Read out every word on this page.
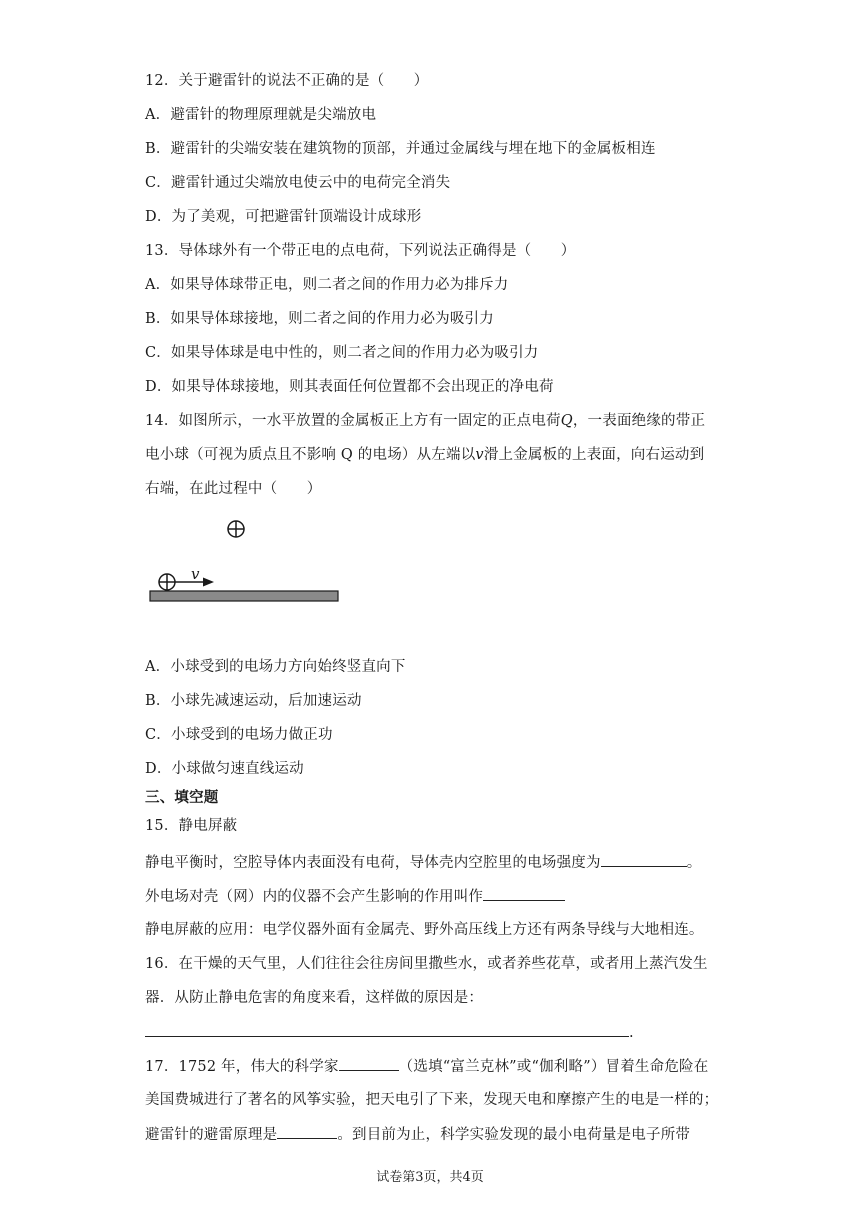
12．关于避雷针的说法不正确的是（　　）
A．避雷针的物理原理就是尖端放电
B．避雷针的尖端安装在建筑物的顶部，并通过金属线与埋在地下的金属板相连
C．避雷针通过尖端放电使云中的电荷完全消失
D．为了美观，可把避雷针顶端设计成球形
13．导体球外有一个带正电的点电荷，下列说法正确得是（　　）
A．如果导体球带正电，则二者之间的作用力必为排斥力
B．如果导体球接地，则二者之间的作用力必为吸引力
C．如果导体球是电中性的，则二者之间的作用力必为吸引力
D．如果导体球接地，则其表面任何位置都不会出现正的净电荷
14．如图所示，一水平放置的金属板正上方有一固定的正点电荷Q，一表面绝缘的带正
电小球（可视为质点且不影响 Q 的电场）从左端以v滑上金属板的上表面，向右运动到
右端，在此过程中（　　）
v
A．小球受到的电场力方向始终竖直向下
B．小球先减速运动，后加速运动
C．小球受到的电场力做正功
D．小球做匀速直线运动
三、填空题
15．静电屏蔽
静电平衡时，空腔导体内表面没有电荷，导体壳内空腔里的电场强度为	。
外电场对壳（网）内的仪器不会产生影响的作用叫作
静电屏蔽的应用：电学仪器外面有金属壳、野外高压线上方还有两条导线与大地相连。
16．在干燥的天气里，人们往往会往房间里撒些水，或者养些花草，或者用上蒸汽发生
器．从防止静电危害的角度来看，这样做的原因是：
.
17．1752 年，伟大的科学家	（选填“富兰克林”或“伽利略”）冒着生命危险在
美国费城进行了著名的风筝实验，把天电引了下来，发现天电和摩擦产生的电是一样的；
避雷针的避雷原理是	。到目前为止，科学实验发现的最小电荷量是电子所带
试卷第3页，共4页
